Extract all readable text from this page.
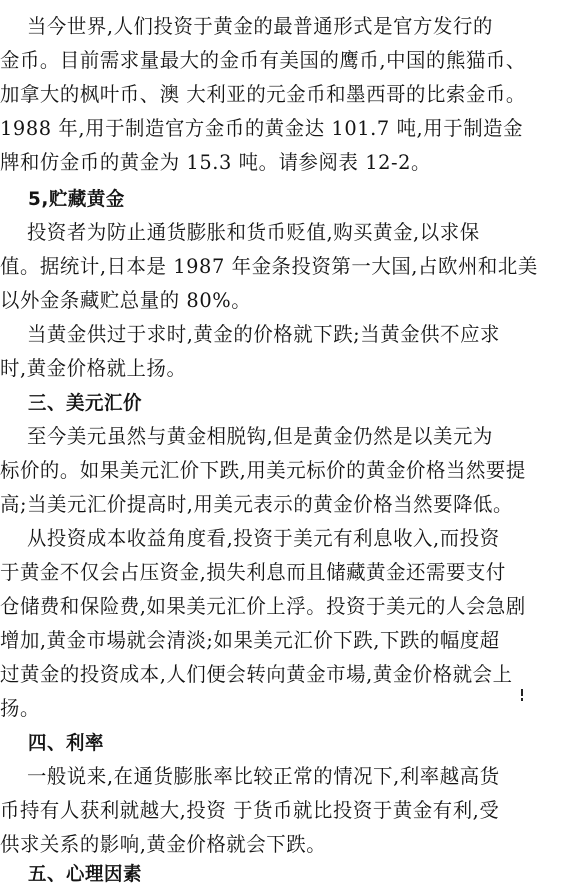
当今世界,人们投资于黄金的最普通形式是官方发行的
金币。目前需求量最大的金币有美国的鹰币,中国的熊猫币、
加拿大的枫叶币、澳 大利亚的元金币和墨西哥的比索金币。
1988 年,用于制造官方金币的黄金达 101.7 吨,用于制造金
牌和仿金币的黄金为 15.3 吨。请参阅表 12-2。
5,贮藏黄金
投资者为防止通货膨胀和货币贬值,购买黄金,以求保
值。据统计,日本是 1987 年金条投资第一大国,占欧州和北美
以外金条藏贮总量的 80%。
当黄金供过于求时,黄金的价格就下跌;当黄金供不应求
时,黄金价格就上扬。
三、美元汇价
至今美元虽然与黄金相脱钩,但是黄金仍然是以美元为
标价的。如果美元汇价下跌,用美元标价的黄金价格当然要提
高;当美元汇价提高时,用美元表示的黄金价格当然要降低。
从投资成本收益角度看,投资于美元有利息收入,而投资
于黄金不仅会占压资金,损失利息而且储藏黄金还需要支付
仓储费和保险费,如果美元汇价上浮。投资于美元的人会急剧
增加,黄金市場就会清淡;如果美元汇价下跌,下跌的幅度超
过黄金的投资成本,人们便会转向黄金市場,黄金价格就会上
扬。
四、利率
一般说来,在通货膨胀率比较正常的情况下,利率越高货
币持有人获利就越大,投资 于货币就比投资于黄金有利,受
供求关系的影响,黄金价格就会下跌。
五、心理因素
